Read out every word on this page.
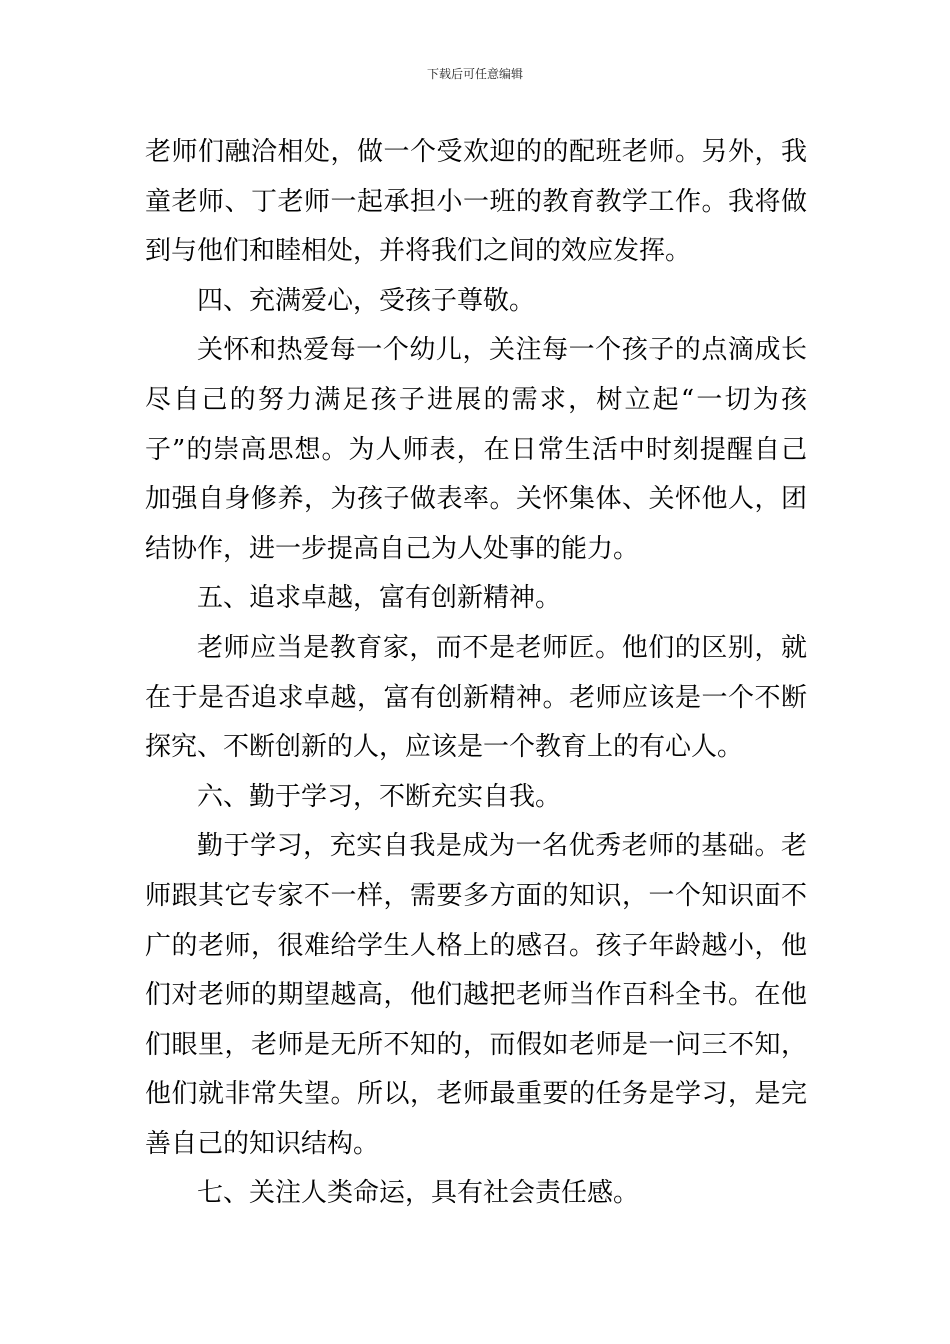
下载后可任意编辑
老师们融洽相处，做一个受欢迎的的配班老师。另外，我
童老师、丁老师一起承担小一班的教育教学工作。我将做
到与他们和睦相处，并将我们之间的效应发挥。
四、充满爱心，受孩子尊敬。
关怀和热爱每一个幼儿，关注每一个孩子的点滴成长
尽自己的努力满足孩子进展的需求，树立起“一切为孩
子”的崇高思想。为人师表，在日常生活中时刻提醒自己
加强自身修养，为孩子做表率。关怀集体、关怀他人，团
结协作，进一步提高自己为人处事的能力。
五、追求卓越，富有创新精神。
老师应当是教育家，而不是老师匠。他们的区别，就
在于是否追求卓越，富有创新精神。老师应该是一个不断
探究、不断创新的人，应该是一个教育上的有心人。
六、勤于学习，不断充实自我。
勤于学习，充实自我是成为一名优秀老师的基础。老
师跟其它专家不一样，需要多方面的知识，一个知识面不
广的老师，很难给学生人格上的感召。孩子年龄越小，他
们对老师的期望越高，他们越把老师当作百科全书。在他
们眼里，老师是无所不知的，而假如老师是一问三不知，
他们就非常失望。所以，老师最重要的任务是学习，是完
善自己的知识结构。
七、关注人类命运，具有社会责任感。
